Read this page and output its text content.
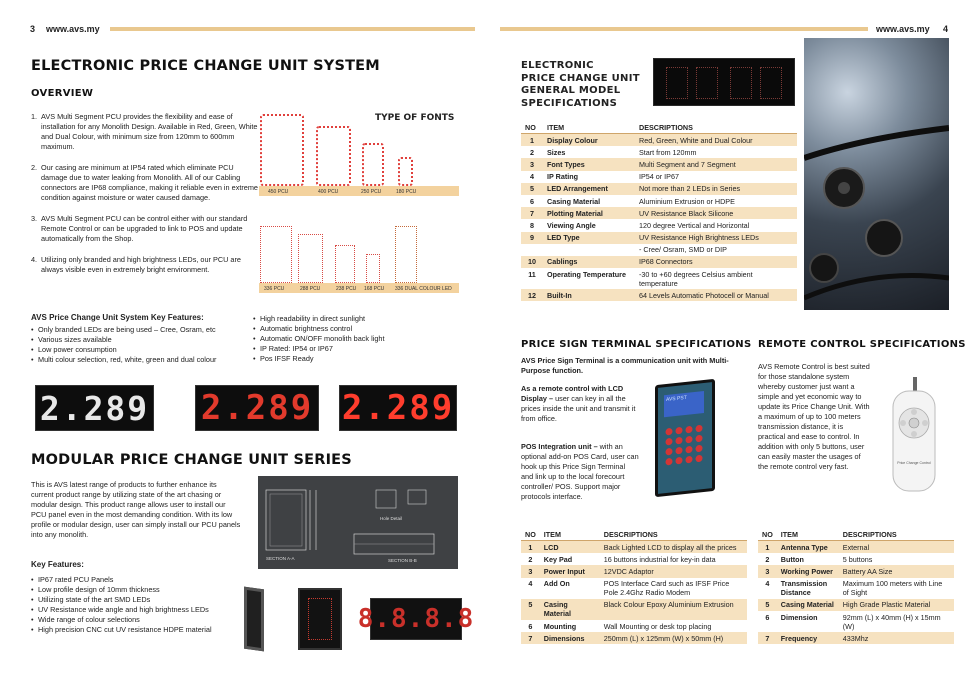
3 www.avs.my	www.avs.my 4
ELECTRONIC PRICE CHANGE UNIT SYSTEM
OVERVIEW
1. AVS Multi Segment PCU provides the flexibility and ease of installation for any Monolith Design. Available in Red, Green, White and Dual Colour, with minimum size from 120mm to 600mm maximum.
2. Our casing are minimum at IP54 rated which eliminate PCU damage due to water leaking from Monolith. All of our Cabling connectors are IP68 compliance, making it reliable even in extreme condition against moisture or water caused damage.
3. AVS Multi Segment PCU can be control either with our standard Remote Control or can be upgraded to link to POS and update automatically from the Shop.
4. Utilizing only branded and high brightness LEDs, our PCU are always visible even in extremely bright environment.
TYPE OF FONTS
450 PCU	400 PCU	250 PCU	180 PCU
336 PCU	288 PCU	238 PCU 168 PCU 336 DUAL COLOUR LED
AVS Price Change Unit System Key Features:
• Only branded LEDs are being used – Cree, Osram, etc
• Various sizes available
• Low power consumption
• Multi colour selection, red, white, green and dual colour
• High readability in direct sunlight
• Automatic brightness control
• Automatic ON/OFF monolith back light
• IP Rated: IP54 or IP67
• Pos IFSF Ready
2.289 2.289 2.289
MODULAR PRICE CHANGE UNIT SERIES
This is AVS latest range of products to further enhance its current product range by utilizing state of the art chasing or modular design. This product range allows user to install our PCU panel even in the most demanding condition. With its low profile or modular design, user can simply install our PCU panels into any monolith.
Key Features:
• IP67 rated PCU Panels
• Low profile design of 10mm thickness
• Utilizing state of the art SMD LEDs
• UV Resistance wide angle and high brightness LEDs
• Wide range of colour selections
• High precision CNC cut UV resistance HDPE material
Hole Detail
SECTION A-A	SECTION B-B
8.8.8.8
ELECTRONIC
PRICE CHANGE UNIT
GENERAL MODEL
SPECIFICATIONS
NO	ITEM	DESCRIPTIONS
1	Display Colour	Red, Green, White and Dual Colour
2	Sizes	Start from 120mm
3	Font Types	Multi Segment and 7 Segment
4	IP Rating	IP54 or IP67
5	LED Arrangement	Not more than 2 LEDs in Series
6	Casing Material	Aluminium Extrusion or HDPE
7	Plotting Material	UV Resistance Black Silicone
8	Viewing Angle	120 degree Vertical and Horizontal
9	LED Type	UV Resistance High Brightness LEDs
		- Cree/ Osram, SMD or DIP
10	Cablings	IP68 Connectors
11	Operating Temperature	-30 to +60 degrees Celsius ambient temperature
12	Built-In	64 Levels Automatic Photocell or Manual
PRICE SIGN TERMINAL SPECIFICATIONS
AVS Price Sign Terminal is a communication unit with Multi-Purpose function.
As a remote control with LCD Display – user can key in all the prices inside the unit and transmit it from office.
POS Integration unit – with an optional add-on POS Card, user can hook up this Price Sign Terminal and link up to the local forecourt controller/ POS. Support major protocols interface.
AVS PST
NO	ITEM	DESCRIPTIONS
1	LCD	Back Lighted LCD to display all the prices
2	Key Pad	16 buttons industrial for key-in data
3	Power Input	12VDC Adaptor
4	Add On	POS Interface Card such as IFSF Price Pole 2.4Ghz Radio Modem
5	Casing Material	Black Colour Epoxy Aluminium Extrusion
6	Mounting	Wall Mounting or desk top placing
7	Dimensions	250mm (L) x 125mm (W) x 50mm (H)
REMOTE CONTROL SPECIFICATIONS
AVS Remote Control is best suited for those standalone system whereby customer just want a simple and yet economic way to update its Price Change Unit. With a maximum of up to 100 meters transmission distance, it is practical and ease to control. In addition with only 5 buttons, user can easily master the usages of the remote control very fast.	Price Change Control
NO	ITEM	DESCRIPTIONS
1	Antenna Type	External
2	Button	5 buttons
3	Working Power	Battery AA Size
4	Transmission Distance	Maximum 100 meters with Line of Sight
5	Casing Material	High Grade Plastic Material
6	Dimension	92mm (L) x 40mm (H) x 15mm (W)
7	Frequency	433Mhz
